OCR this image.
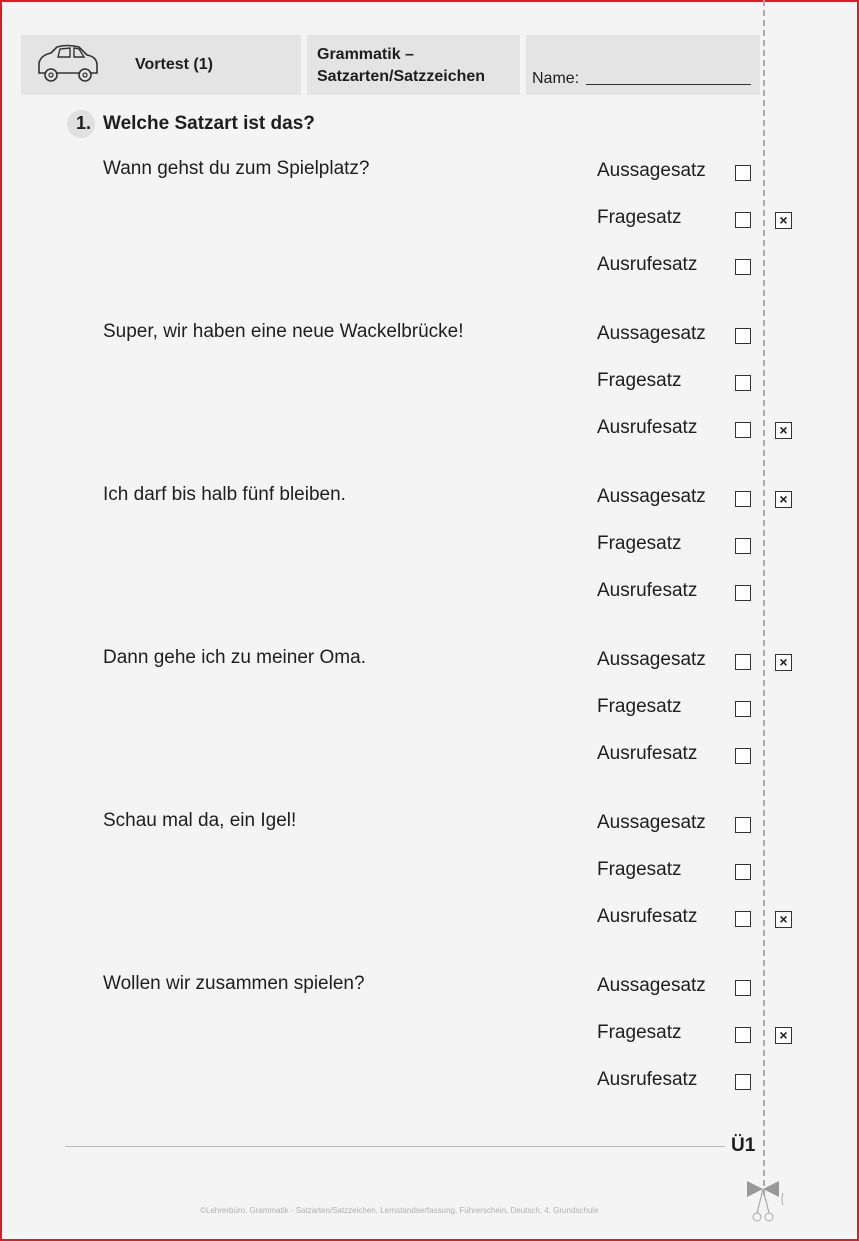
Vortest (1)
Grammatik –
Satzarten/Satzzeichen	Name:
1. Welche Satzart ist das?
Wann gehst du zum Spielplatz?	Aussagesatz
Fragesatz	×
Ausrufesatz
Super, wir haben eine neue Wackelbrücke!	Aussagesatz
Fragesatz
Ausrufesatz	×
Ich darf bis halb fünf bleiben.	Aussagesatz	×
Fragesatz
Ausrufesatz
Dann gehe ich zu meiner Oma.	Aussagesatz	×
Fragesatz
Ausrufesatz
Schau mal da, ein Igel!	Aussagesatz
Fragesatz
Ausrufesatz	×
Wollen wir zusammen spielen?	Aussagesatz
Fragesatz	×
Ausrufesatz
Ü1
©Lehrerbüro, Grammatik - Satzarten/Satzzeichen, Lernstandserfassung, Führerschein, Deutsch, 4. Grundschule
